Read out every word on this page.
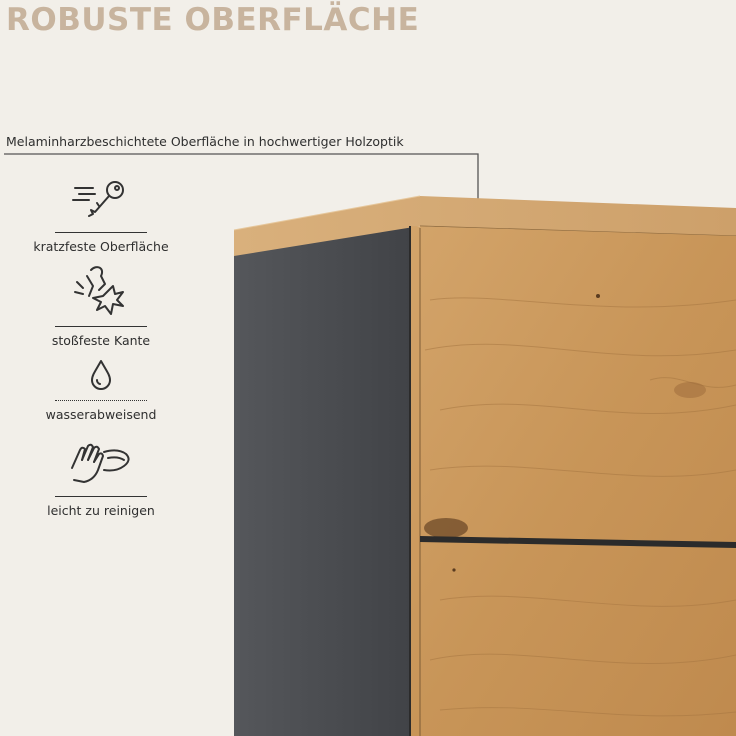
ROBUSTE OBERFLÄCHE
Melaminharzbeschichtete Oberfläche in hochwertiger Holzoptik
kratzfeste Oberfläche
stoßfeste Kante
wasserabweisend
leicht zu reinigen
